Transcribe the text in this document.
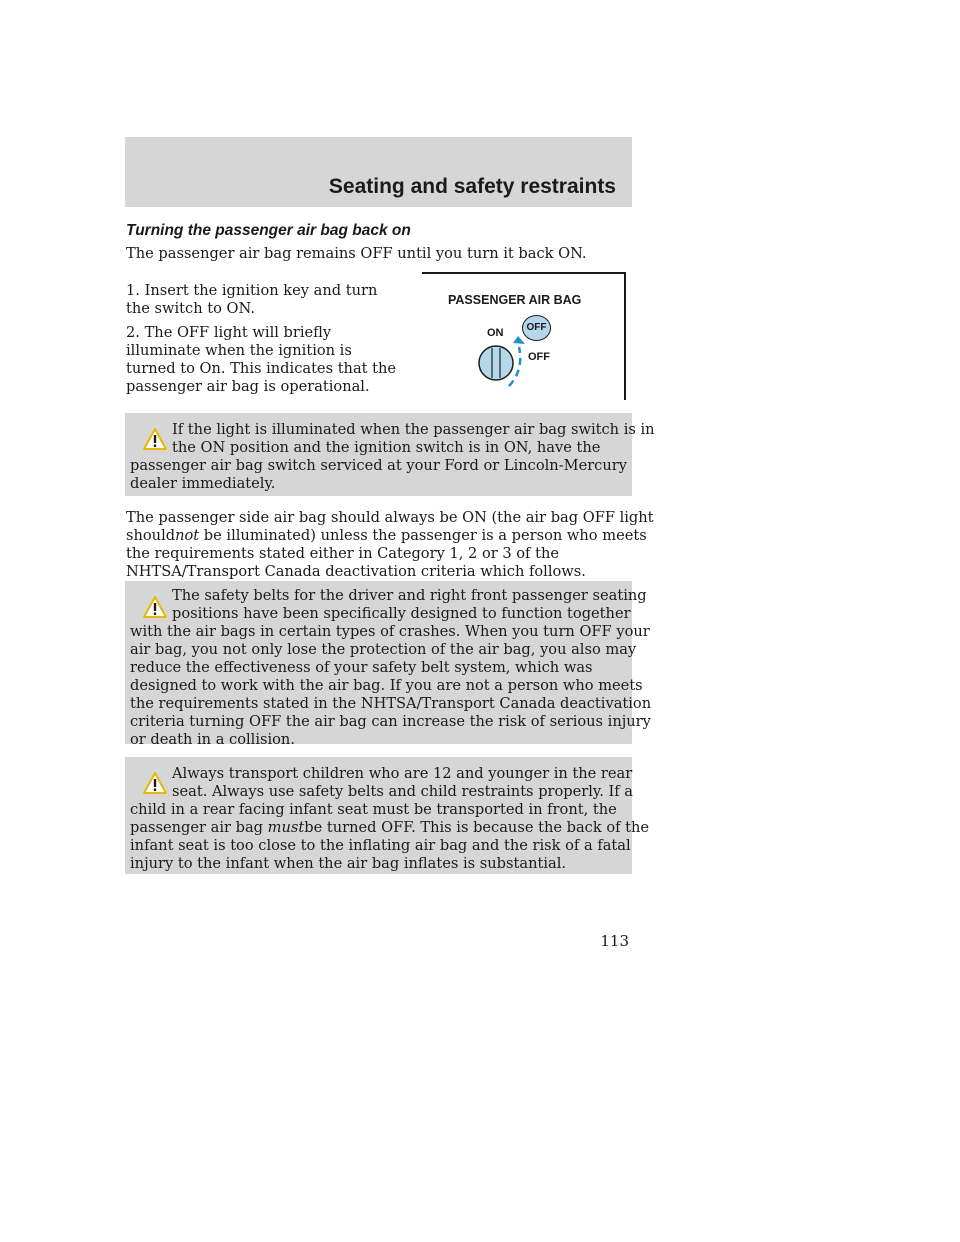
Seating and safety restraints
Turning the passenger air bag back on

The passenger air bag remains OFF until you turn it back ON.

1. Insert the ignition key and turn

the switch to ON.

2. The OFF light will briefly

illuminate when the ignition is

turned to On. This indicates that the

passenger air bag is operational.

PASSENGER AIR BAG
ON	OFF
OFF

If the light is illuminated when the passenger air bag switch is in

the ON position and the ignition switch is in ON, have the

passenger air bag switch serviced at your Ford or Lincoln-Mercury

dealer immediately.

The passenger side air bag should always be ON (the air bag OFF light

shouldnot be illuminated) unless the passenger is a person who meets

the requirements stated either in Category 1, 2 or 3 of the

NHTSA/Transport Canada deactivation criteria which follows.

The safety belts for the driver and right front passenger seating

positions have been specifically designed to function together

with the air bags in certain types of crashes. When you turn OFF your

air bag, you not only lose the protection of the air bag, you also may

reduce the effectiveness of your safety belt system, which was

designed to work with the air bag. If you are not a person who meets

the requirements stated in the NHTSA/Transport Canada deactivation

criteria turning OFF the air bag can increase the risk of serious injury

or death in a collision.

Always transport children who are 12 and younger in the rear

seat. Always use safety belts and child restraints properly. If a

child in a rear facing infant seat must be transported in front, the

passenger air bag mustbe turned OFF. This is because the back of the

infant seat is too close to the inflating air bag and the risk of a fatal

injury to the infant when the air bag inflates is substantial.

113
